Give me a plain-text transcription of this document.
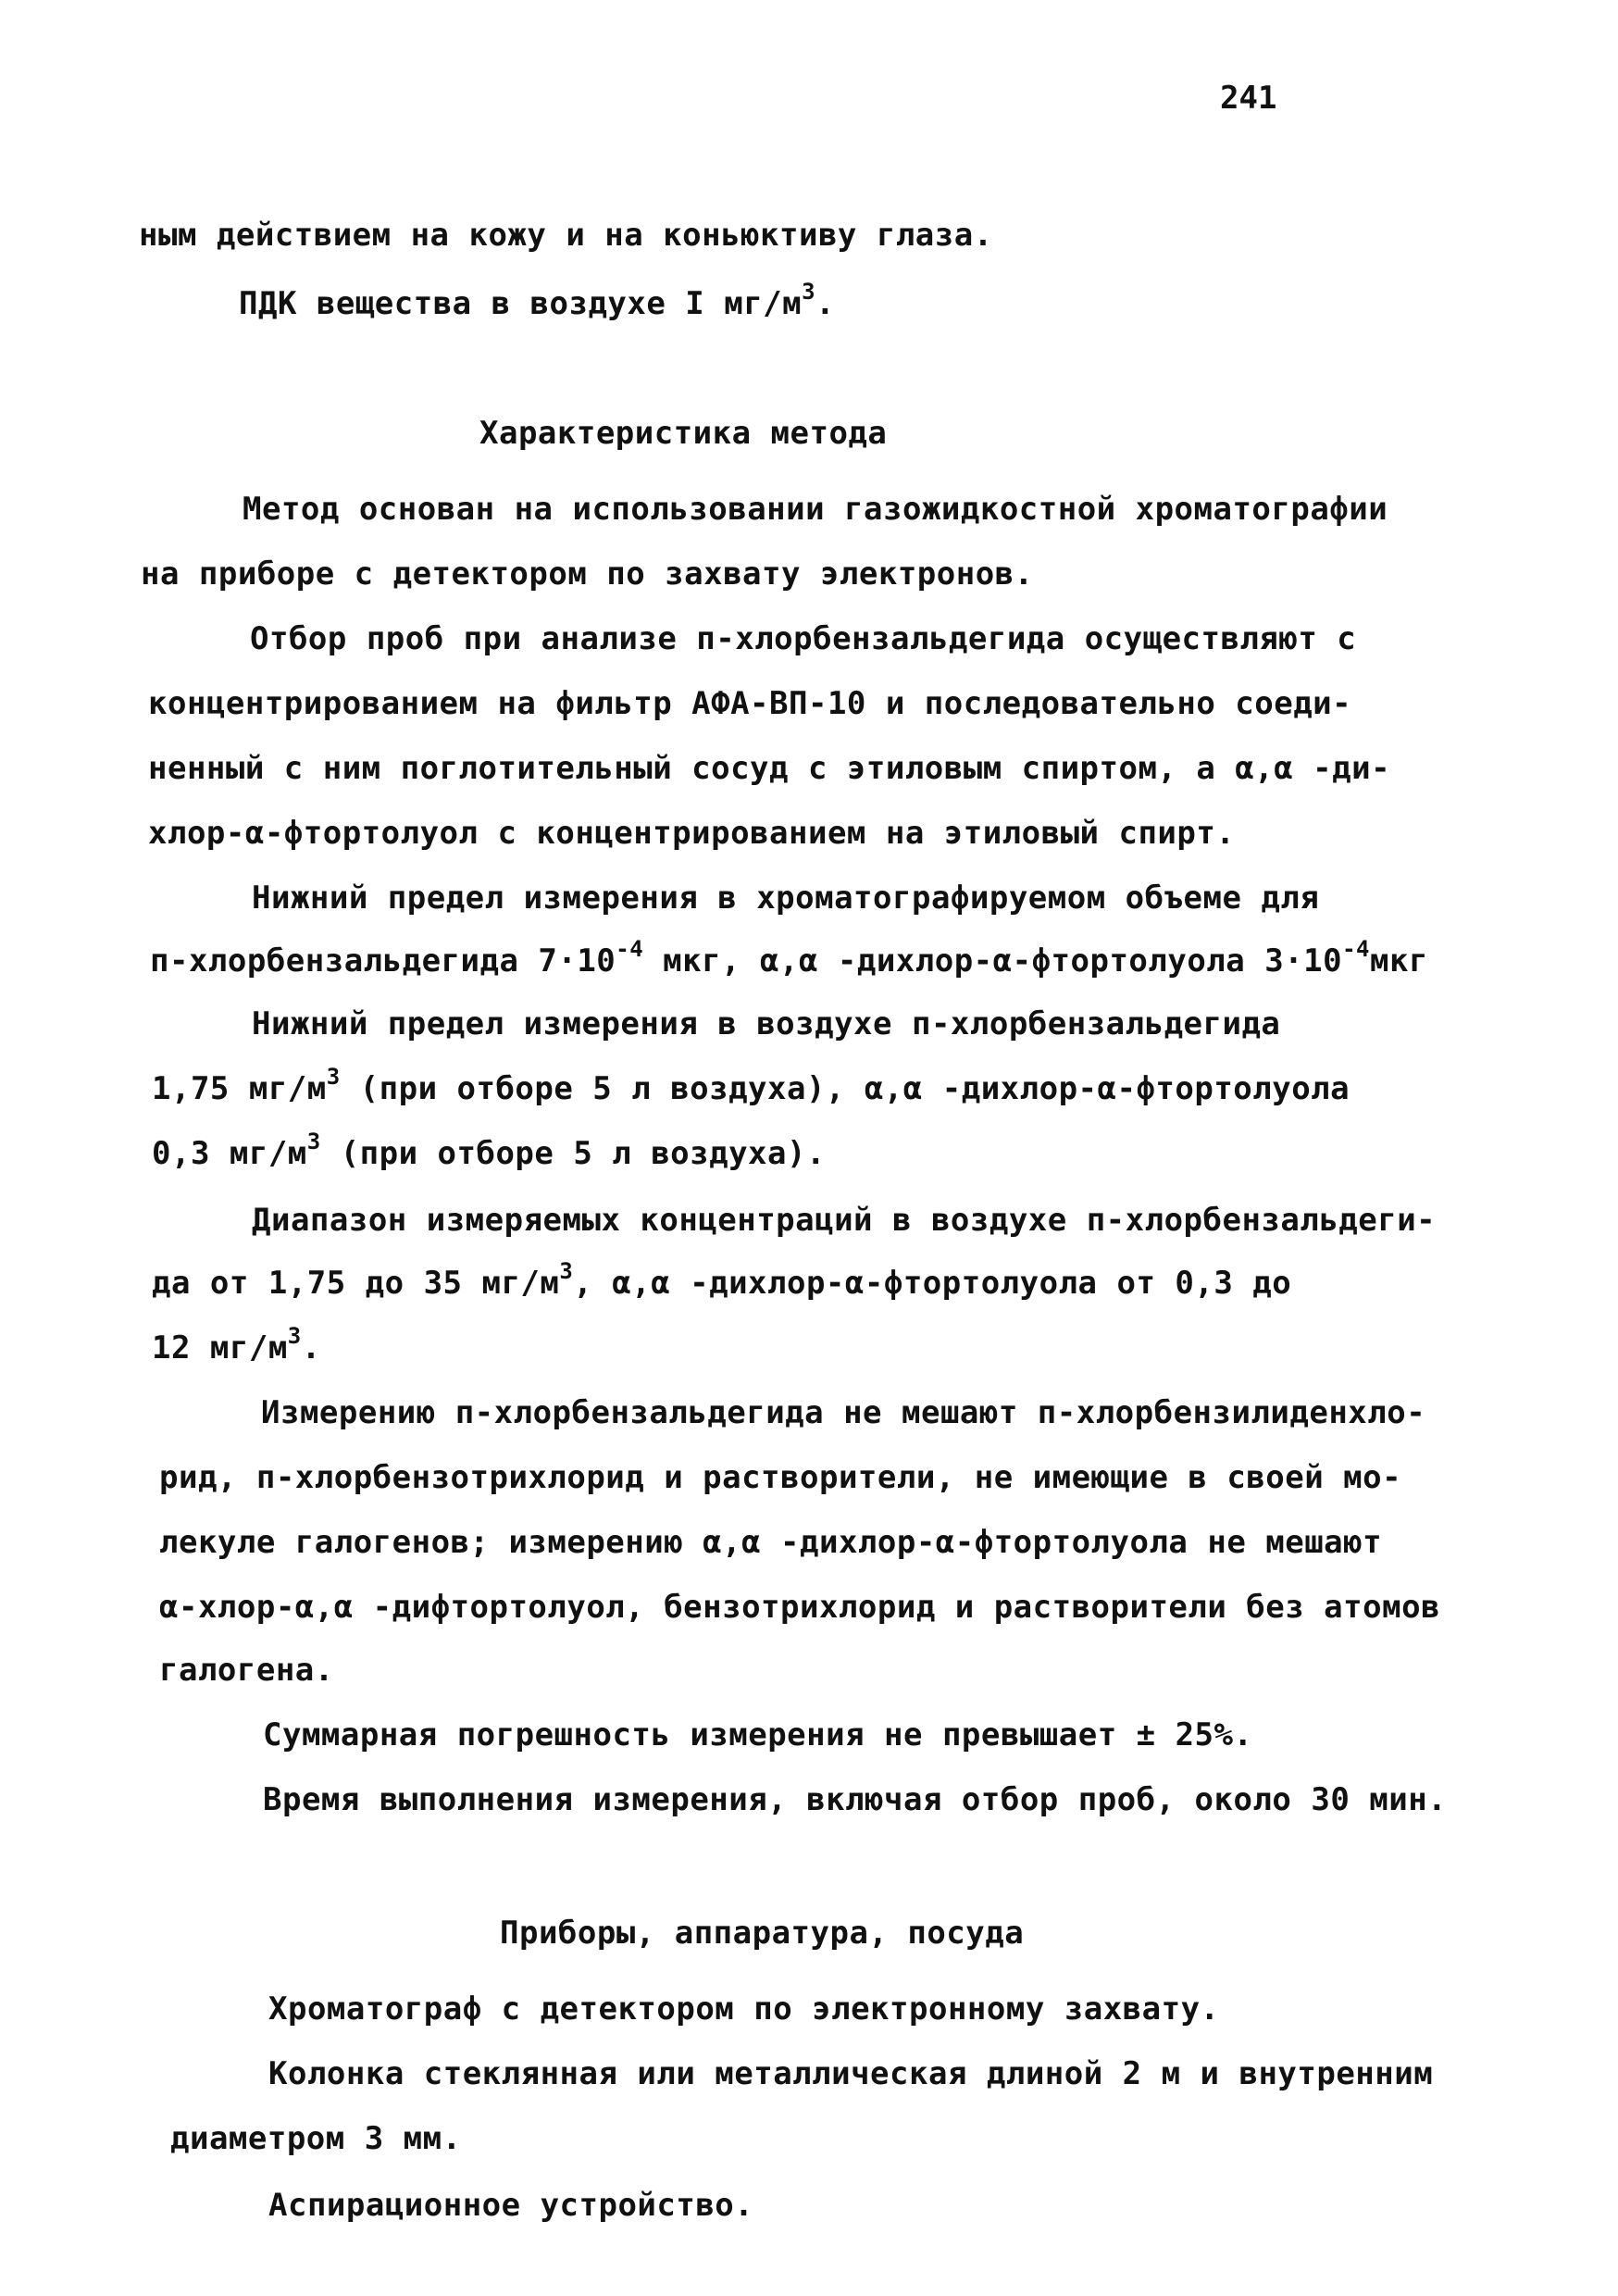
241
ным действием на кожу и на коньюктиву глаза.
ПДК вещества в воздухе I $мг/м^3$.
Характеристика метода
Метод основан на использовании газожидкостной хроматографии
на приборе с детектором по захвату электронов.
Отбор проб при анализе п-хлорбензальдегида осуществляют с
концентрированием на фильтр АФА-ВП-10 и последовательно соеди-
ненный с ним поглотительный сосуд с этиловым спиртом, а α,α -ди-
хлор-α-фтортолуол с концентрированием на этиловый спирт.
Нижний предел измерения в хроматографируемом объеме для
п-хлорбензальдегида $7\cdot 10^{-4}$ мкг, α,α -дихлор-α-фтортолуола $3\cdot 10^{-4}мкг$
Нижний предел измерения в воздухе п-хлорбензальдегида
1,75 $мг/м^3$ (при отборе 5 л воздуха), α,α -дихлор-α-фтортолуола
0,3 $мг/м^3$ (при отборе 5 л воздуха).
Диапазон измеряемых концентраций в воздухе п-хлорбензальдеги-
да от 1,75 до 35 $мг/м^3$, α,α -дихлор-α-фтортолуола от 0,3 до
12 $мг/м^3$.
Измерению п-хлорбензальдегида не мешают п-хлорбензилиденхло-
рид, п-хлорбензотрихлорид и растворители, не имеющие в своей мо-
лекуле галогенов; измерению α,α -дихлор-α-фтортолуола не мешают
α-хлор-α,α -дифтортолуол, бензотрихлорид и растворители без атомов
галогена.
Суммарная погрешность измерения не превышает ± 25%.
Время выполнения измерения, включая отбор проб, около 30 мин.
Приборы, аппаратура, посуда
Хроматограф с детектором по электронному захвату.
Колонка стеклянная или металлическая длиной 2 м и внутренним
диаметром 3 мм.
Аспирационное устройство.
